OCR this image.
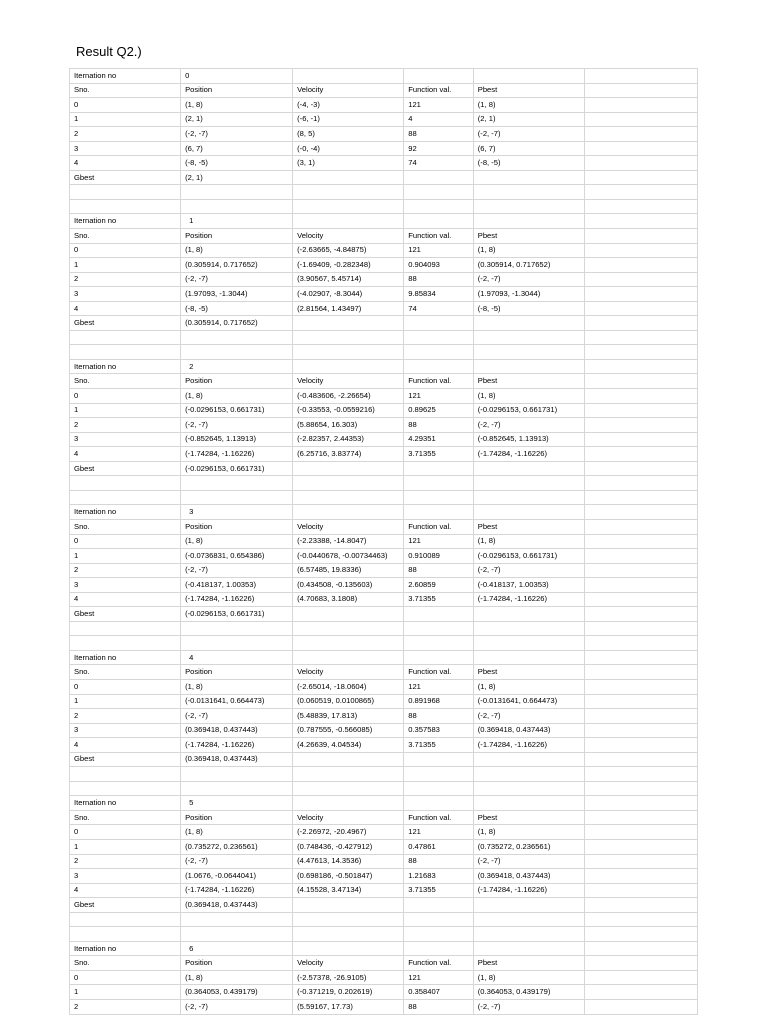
Result Q2.)
Iternation no	0				
Sno.	Position	Velocity	Function val.	Pbest	
0	(1, 8)	(-4, -3)	121	(1, 8)	
1	(2, 1)	(-6, -1)	4	(2, 1)	
2	(-2, -7)	(8, 5)	88	(-2, -7)	
3	(6, 7)	(-0, -4)	92	(6, 7)	
4	(-8, -5)	(3, 1)	74	(-8, -5)	
Gbest	(2, 1)				

Iternation no	1				
Sno.	Position	Velocity	Function val.	Pbest	
0	(1, 8)	(-2.63665, -4.84875)	121	(1, 8)	
1	(0.305914, 0.717652)	(-1.69409, -0.282348)	0.904093	(0.305914, 0.717652)	
2	(-2, -7)	(3.90567, 5.45714)	88	(-2, -7)	
3	(1.97093, -1.3044)	(-4.02907, -8.3044)	9.85834	(1.97093, -1.3044)	
4	(-8, -5)	(2.81564, 1.43497)	74	(-8, -5)	
Gbest	(0.305914, 0.717652)				

Iternation no	2				
Sno.	Position	Velocity	Function val.	Pbest	
0	(1, 8)	(-0.483606, -2.26654)	121	(1, 8)	
1	(-0.0296153, 0.661731)	(-0.33553, -0.0559216)	0.89625	(-0.0296153, 0.661731)	
2	(-2, -7)	(5.88654, 16.303)	88	(-2, -7)	
3	(-0.852645, 1.13913)	(-2.82357, 2.44353)	4.29351	(-0.852645, 1.13913)	
4	(-1.74284, -1.16226)	(6.25716, 3.83774)	3.71355	(-1.74284, -1.16226)	
Gbest	(-0.0296153, 0.661731)				

Iternation no	3				
Sno.	Position	Velocity	Function val.	Pbest	
0	(1, 8)	(-2.23388, -14.8047)	121	(1, 8)	
1	(-0.0736831, 0.654386)	(-0.0440678, -0.00734463)	0.910089	(-0.0296153, 0.661731)	
2	(-2, -7)	(6.57485, 19.8336)	88	(-2, -7)	
3	(-0.418137, 1.00353)	(0.434508, -0.135603)	2.60859	(-0.418137, 1.00353)	
4	(-1.74284, -1.16226)	(4.70683, 3.1808)	3.71355	(-1.74284, -1.16226)	
Gbest	(-0.0296153, 0.661731)				

Iternation no	4				
Sno.	Position	Velocity	Function val.	Pbest	
0	(1, 8)	(-2.65014, -18.0604)	121	(1, 8)	
1	(-0.0131641, 0.664473)	(0.060519, 0.0100865)	0.891968	(-0.0131641, 0.664473)	
2	(-2, -7)	(5.48839, 17.813)	88	(-2, -7)	
3	(0.369418, 0.437443)	(0.787555, -0.566085)	0.357583	(0.369418, 0.437443)	
4	(-1.74284, -1.16226)	(4.26639, 4.04534)	3.71355	(-1.74284, -1.16226)	
Gbest	(0.369418, 0.437443)				

Iternation no	5				
Sno.	Position	Velocity	Function val.	Pbest	
0	(1, 8)	(-2.26972, -20.4967)	121	(1, 8)	
1	(0.735272, 0.236561)	(0.748436, -0.427912)	0.47861	(0.735272, 0.236561)	
2	(-2, -7)	(4.47613, 14.3536)	88	(-2, -7)	
3	(1.0676, -0.0644041)	(0.698186, -0.501847)	1.21683	(0.369418, 0.437443)	
4	(-1.74284, -1.16226)	(4.15528, 3.47134)	3.71355	(-1.74284, -1.16226)	
Gbest	(0.369418, 0.437443)				

Iternation no	6				
Sno.	Position	Velocity	Function val.	Pbest	
0	(1, 8)	(-2.57378, -26.9105)	121	(1, 8)	
1	(0.364053, 0.439179)	(-0.371219, 0.202619)	0.358407	(0.364053, 0.439179)	
2	(-2, -7)	(5.59167, 17.73)	88	(-2, -7)	
